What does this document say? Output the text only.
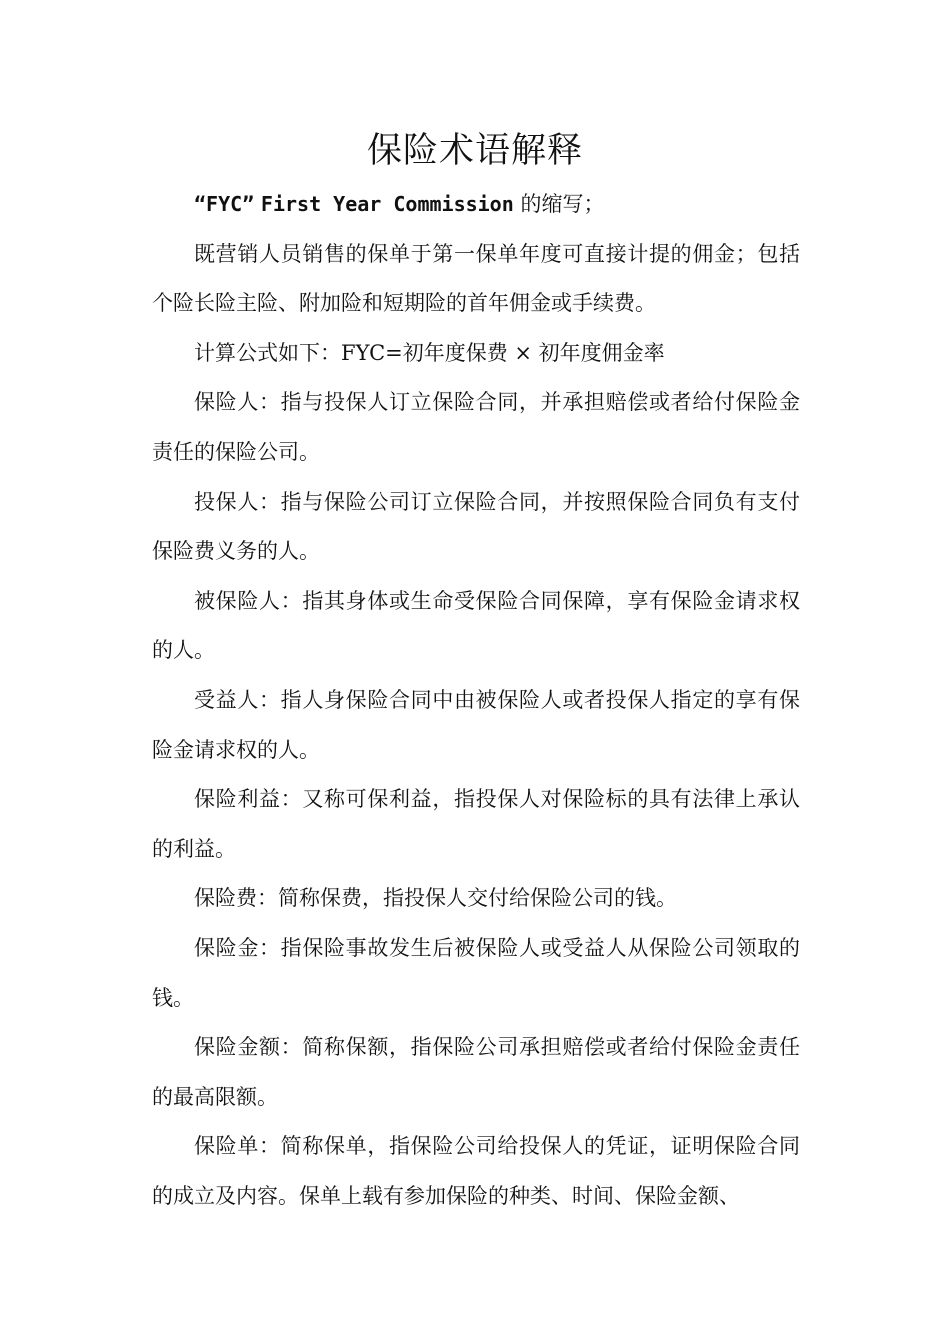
保险术语解释

“FYC” First Year Commission 的缩写；

既营销人员销售的保单于第一保单年度可直接计提的佣金；包括个险长险主险、附加险和短期险的首年佣金或手续费。

计算公式如下：FYC=初年度保费 × 初年度佣金率

保险人：指与投保人订立保险合同，并承担赔偿或者给付保险金责任的保险公司。

投保人：指与保险公司订立保险合同，并按照保险合同负有支付保险费义务的人。

被保险人：指其身体或生命受保险合同保障，享有保险金请求权的人。

受益人：指人身保险合同中由被保险人或者投保人指定的享有保险金请求权的人。

保险利益：又称可保利益，指投保人对保险标的具有法律上承认的利益。

保险费：简称保费，指投保人交付给保险公司的钱。

保险金：指保险事故发生后被保险人或受益人从保险公司领取的钱。

保险金额：简称保额，指保险公司承担赔偿或者给付保险金责任的最高限额。

保险单：简称保单，指保险公司给投保人的凭证，证明保险合同的成立及内容。保单上载有参加保险的种类、时间、保险金额、
